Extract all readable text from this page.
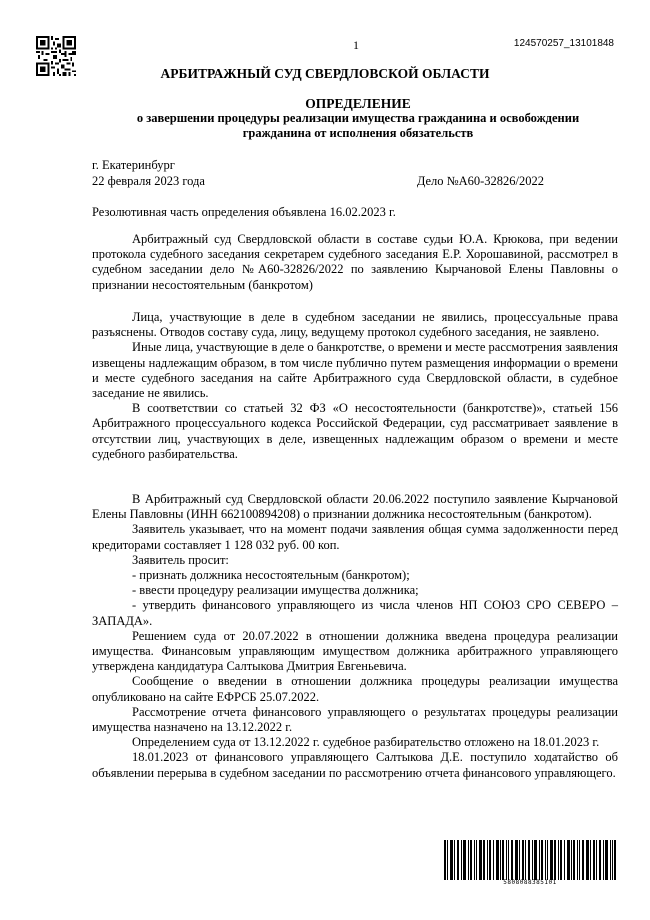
1	124570257_13101848
АРБИТРАЖНЫЙ СУД СВЕРДЛОВСКОЙ ОБЛАСТИ
ОПРЕДЕЛЕНИЕ
о завершении процедуры реализации имущества гражданина и освобождении
гражданина от исполнения обязательств
г. Екатеринбург
22 февраля 2023 года	Дело №А60-32826/2022
Резолютивная часть определения объявлена 16.02.2023 г.

Арбитражный суд Свердловской области в составе судьи Ю.А. Крюкова, при ведении протокола судебного заседания секретарем судебного заседания Е.Р. Хорошавиной, рассмотрел в судебном заседании дело №А60-32826/2022 по заявлению Кырчановой Елены Павловны о признании несостоятельным (банкротом)

Лица, участвующие в деле в судебном заседании не явились, процессуальные права разъяснены. Отводов составу суда, лицу, ведущему протокол судебного заседания, не заявлено.

Иные лица, участвующие в деле о банкротстве, о времени и месте рассмотрения заявления извещены надлежащим образом, в том числе публично путем размещения информации о времени и месте судебного заседания на сайте Арбитражного суда Свердловской области, в судебное заседание не явились.

В соответствии со статьей 32 ФЗ «О несостоятельности (банкротстве)», статьей 156 Арбитражного процессуального кодекса Российской Федерации, суд рассматривает заявление в отсутствии лиц, участвующих в деле, извещенных надлежащим образом о времени и месте судебного разбирательства.

В Арбитражный суд Свердловской области 20.06.2022 поступило заявление Кырчановой Елены Павловны (ИНН 662100894208) о признании должника несостоятельным (банкротом).

Заявитель указывает, что на момент подачи заявления общая сумма задолженности перед кредиторами составляет 1 128 032 руб. 00 коп.

Заявитель просит:

- признать должника несостоятельным (банкротом);

- ввести процедуру реализации имущества должника;

- утвердить финансового управляющего из числа членов НП СОЮЗ СРО СЕВЕРО – ЗАПАДА».

Решением суда от 20.07.2022 в отношении должника введена процедура реализации имущества. Финансовым управляющим имуществом должника арбитражного управляющего утверждена кандидатура Салтыкова Дмитрия Евгеньевича.

Сообщение о введении в отношении должника процедуры реализации имущества опубликовано на сайте ЕФРСБ 25.07.2022.

Рассмотрение отчета финансового управляющего о результатах процедуры реализации имущества назначено на 13.12.2022 г.

Определением суда от 13.12.2022 г. судебное разбирательство отложено на 18.01.2023 г.

18.01.2023 от финансового управляющего Салтыкова Д.Е. поступило ходатайство об объявлении перерыва в судебном заседании по рассмотрению отчета финансового управляющего.

5808088385101
